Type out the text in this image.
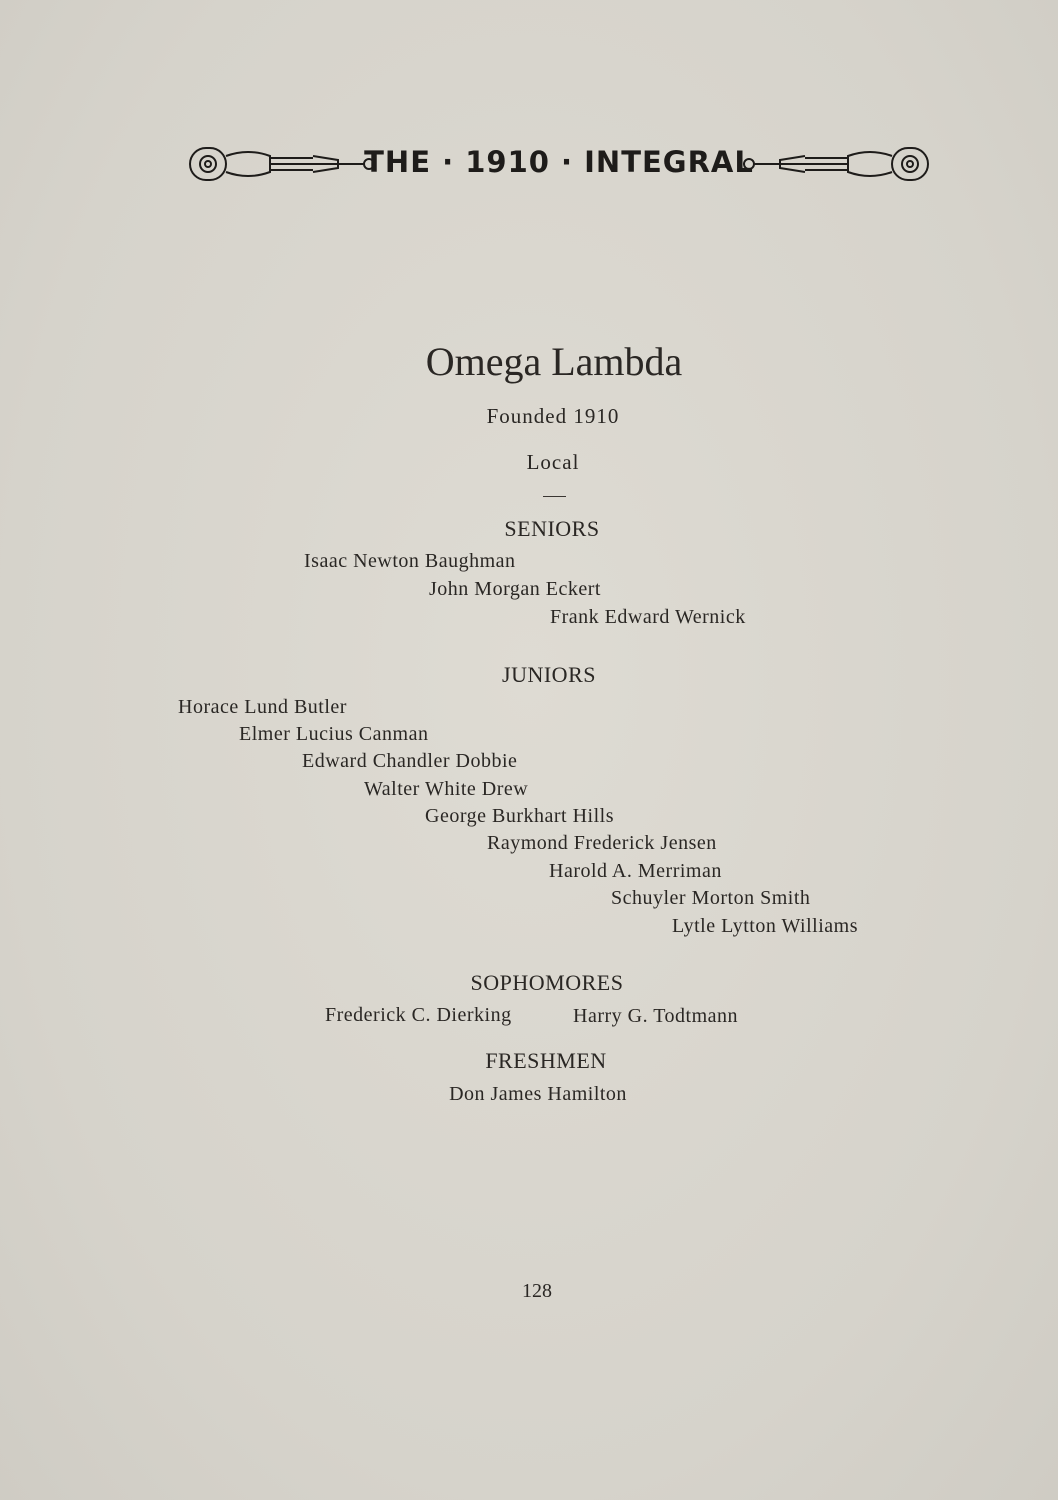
THE · 1910 · INTEGRAL
Omega Lambda
Founded 1910
Local
SENIORS
Isaac Newton Baughman
John Morgan Eckert
Frank Edward Wernick
JUNIORS
Horace Lund Butler
Elmer Lucius Canman
Edward Chandler Dobbie
Walter White Drew
George Burkhart Hills
Raymond Frederick Jensen
Harold A. Merriman
Schuyler Morton Smith
Lytle Lytton Williams
SOPHOMORES
Frederick C. Dierking	Harry G. Todtmann
FRESHMEN
Don James Hamilton
128
